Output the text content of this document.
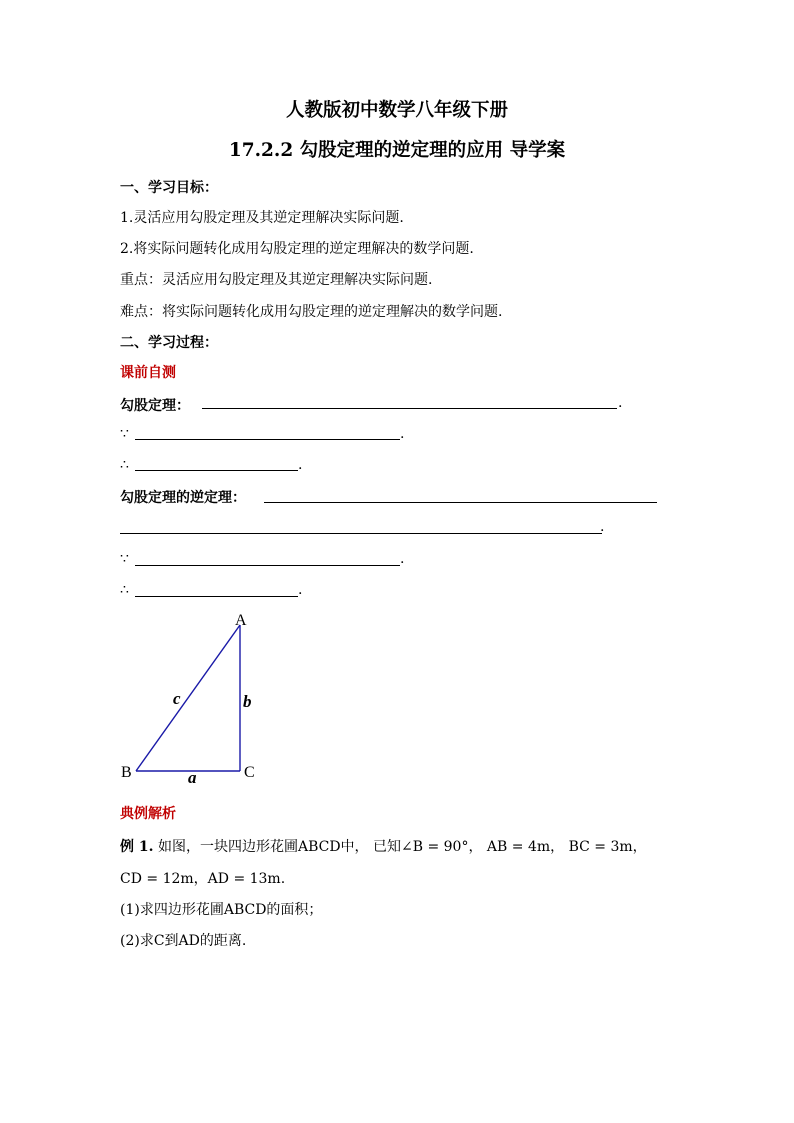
人教版初中数学八年级下册
17.2.2 勾股定理的逆定理的应用 导学案
一、学习目标：
1.灵活应用勾股定理及其逆定理解决实际问题.
2.将实际问题转化成用勾股定理的逆定理解决的数学问题.
重点：灵活应用勾股定理及其逆定理解决实际问题.
难点：将实际问题转化成用勾股定理的逆定理解决的数学问题.
二、学习过程：
课前自测
勾股定理：	.
∵	.
∴	.
勾股定理的逆定理：
.
∵	.
∴	.
A
B	C
a
b
c
典例解析
例 1. 如图，一块四边形花圃ABCD中， 已知∠B = 90°， AB = 4m， BC = 3m，
CD = 12m，AD = 13m.
(1)求四边形花圃ABCD的面积；
(2)求C到AD的距离.
